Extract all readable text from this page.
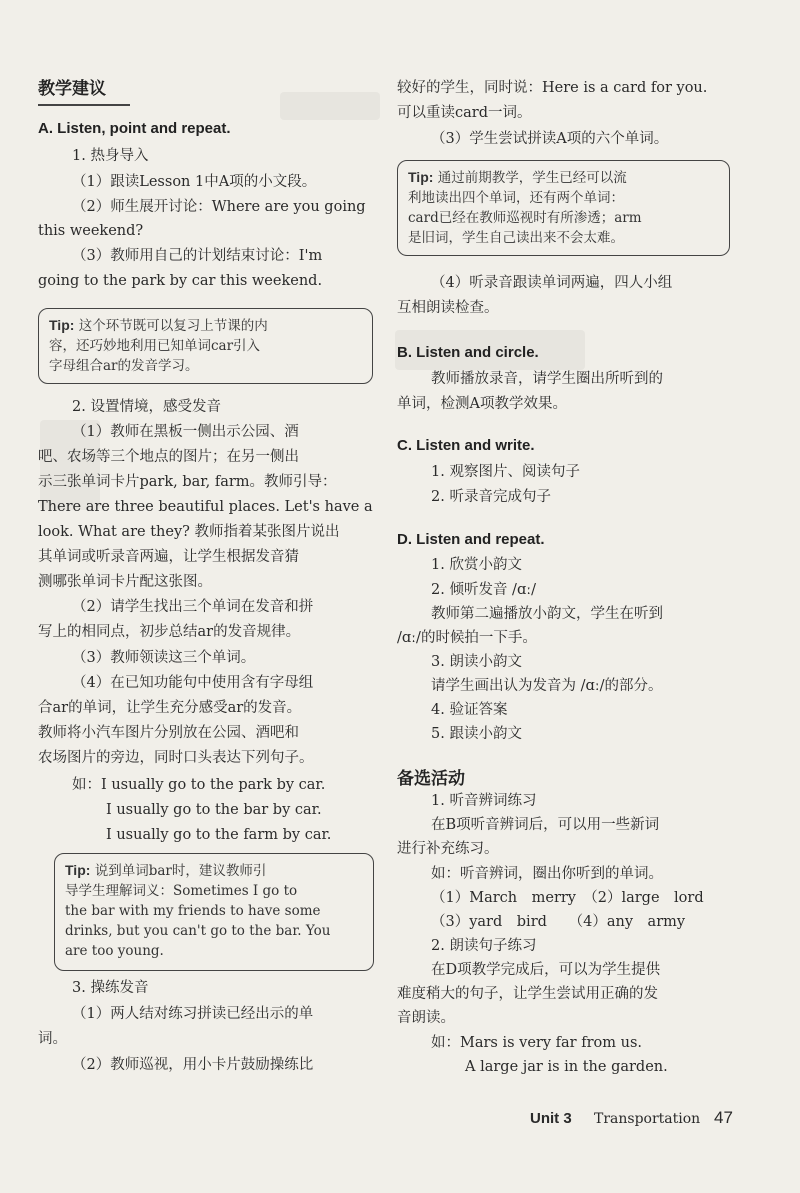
教学建议
A. Listen, point and repeat.
1. 热身导入
（1）跟读Lesson 1中A项的小文段。
（2）师生展开讨论：Where are you going
this weekend?
（3）教师用自己的计划结束讨论：I'm
going to the park by car this weekend.
Tip: 这个环节既可以复习上节课的内
容，还巧妙地利用已知单词car引入
字母组合ar的发音学习。
2. 设置情境，感受发音
（1）教师在黑板一侧出示公园、酒
吧、农场等三个地点的图片；在另一侧出
示三张单词卡片park, bar, farm。教师引导：
There are three beautiful places. Let's have a
look. What are they? 教师指着某张图片说出
其单词或听录音两遍，让学生根据发音猜
测哪张单词卡片配这张图。
（2）请学生找出三个单词在发音和拼
写上的相同点，初步总结ar的发音规律。
（3）教师领读这三个单词。
（4）在已知功能句中使用含有字母组
合ar的单词，让学生充分感受ar的发音。
教师将小汽车图片分别放在公园、酒吧和
农场图片的旁边，同时口头表达下列句子。
如：I usually go to the park by car.
I usually go to the bar by car.
I usually go to the farm by car.
Tip: 说到单词bar时，建议教师引
导学生理解词义：Sometimes I go to
the bar with my friends to have some
drinks, but you can't go to the bar. You
are too young.
3. 操练发音
（1）两人结对练习拼读已经出示的单
词。
（2）教师巡视，用小卡片鼓励操练比
较好的学生，同时说：Here is a card for you.
可以重读card一词。
（3）学生尝试拼读A项的六个单词。
Tip: 通过前期教学，学生已经可以流
利地读出四个单词，还有两个单词：
card已经在教师巡视时有所渗透；arm
是旧词，学生自己读出来不会太难。
（4）听录音跟读单词两遍，四人小组
互相朗读检查。
B. Listen and circle.
教师播放录音，请学生圈出所听到的
单词，检测A项教学效果。
C. Listen and write.
1. 观察图片、阅读句子
2. 听录音完成句子
D. Listen and repeat.
1. 欣赏小韵文
2. 倾听发音 /ɑː/
教师第二遍播放小韵文，学生在听到
/ɑː/的时候拍一下手。
3. 朗读小韵文
请学生画出认为发音为 /ɑː/的部分。
4. 验证答案
5. 跟读小韵文
备选活动
1. 听音辨词练习
在B项听音辨词后，可以用一些新词
进行补充练习。
如：听音辨词，圈出你听到的单词。
（1）March　merry　（2）large　lord
（3）yard　bird　　（4）any　army
2. 朗读句子练习
在D项教学完成后，可以为学生提供
难度稍大的句子，让学生尝试用正确的发
音朗读。
如：Mars is very far from us.
A large jar is in the garden.
Unit 3 Transportation 47
